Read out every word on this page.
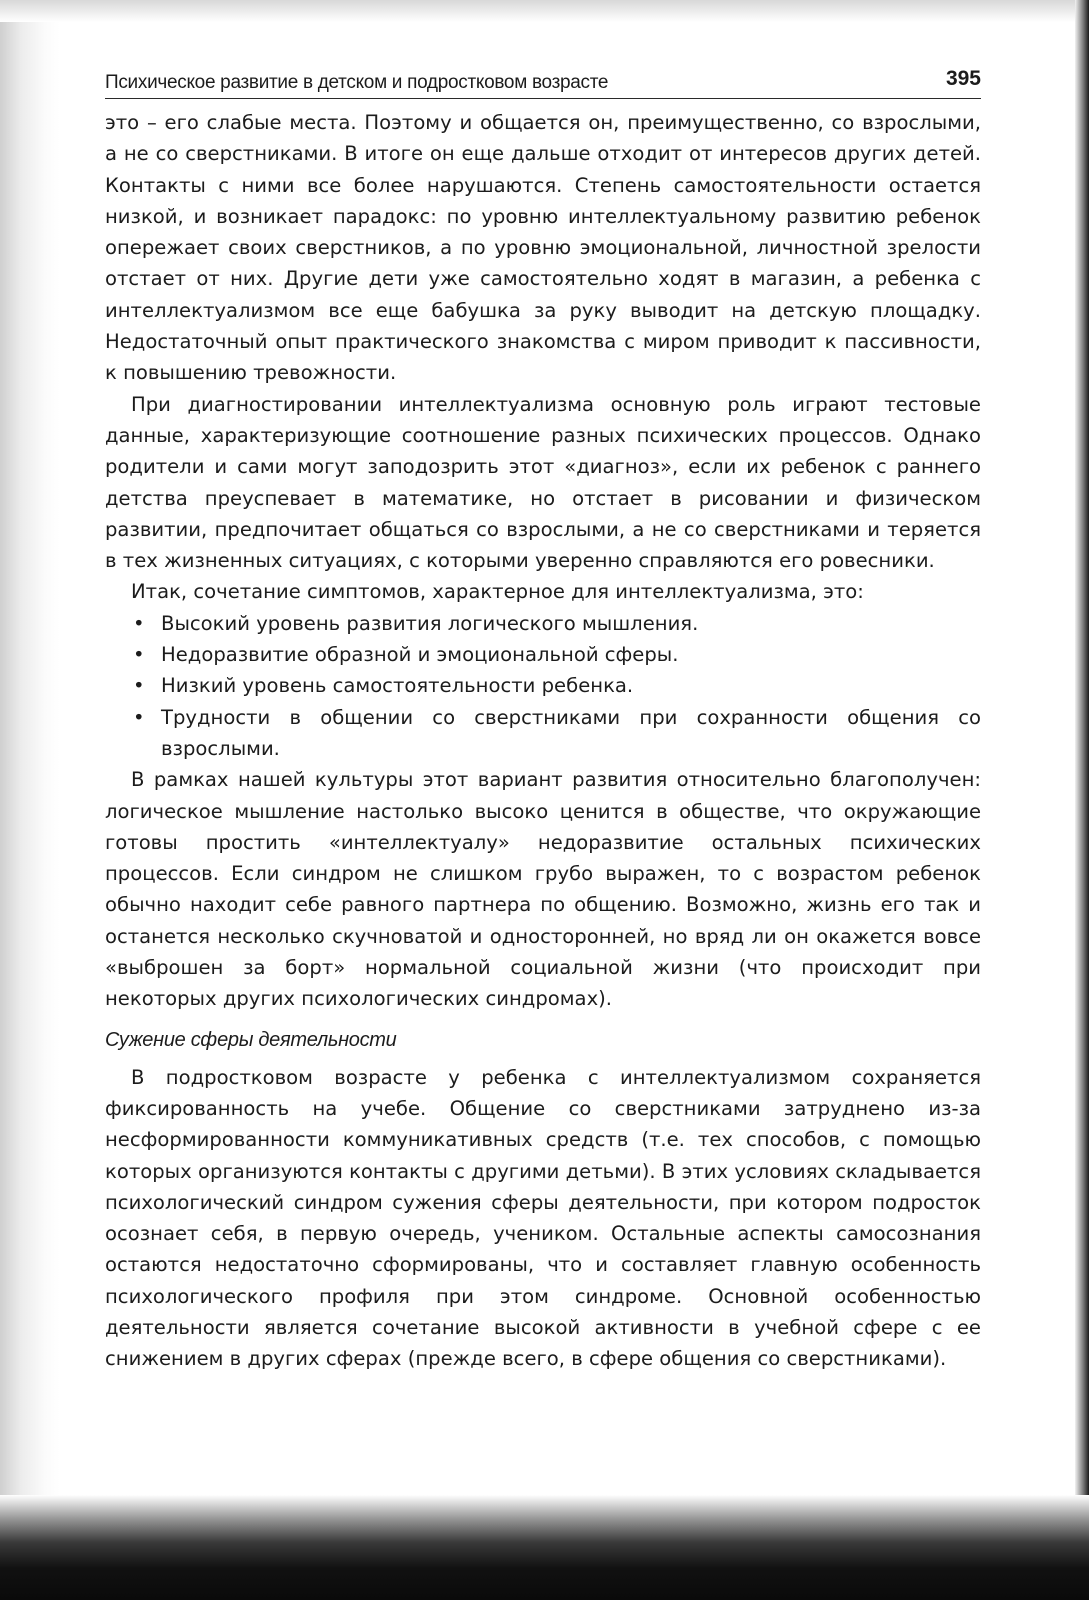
Психическое развитие в детском и подростковом возрасте	395

это – его слабые места. Поэтому и общается он, преимущественно, со взрослыми, а не со сверстниками. В итоге он еще дальше отходит от интересов других детей. Контакты с ними все более нарушаются. Степень самостоятельности остается низкой, и возникает парадокс: по уровню интеллектуальному развитию ребенок опережает своих сверстников, а по уровню эмоциональной, личностной зрелости отстает от них. Другие дети уже самостоятельно ходят в магазин, а ребенка с интеллектуализмом все еще бабушка за руку выводит на детскую площадку. Недостаточный опыт практического знакомства с миром приводит к пассивности, к повышению тревожности.

При диагностировании интеллектуализма основную роль играют тестовые данные, характеризующие соотношение разных психических процессов. Однако родители и сами могут заподозрить этот «диагноз», если их ребенок с раннего детства преуспевает в математике, но отстает в рисовании и физическом развитии, предпочитает общаться со взрослыми, а не со сверстниками и теряется в тех жизненных ситуациях, с которыми уверенно справляются его ровесники.

Итак, сочетание симптомов, характерное для интеллектуализма, это:

• Высокий уровень развития логического мышления.
• Недоразвитие образной и эмоциональной сферы.
• Низкий уровень самостоятельности ребенка.
• Трудности в общении со сверстниками при сохранности общения со взрослыми.

В рамках нашей культуры этот вариант развития относительно благополучен: логическое мышление настолько высоко ценится в обществе, что окружающие готовы простить «интеллектуалу» недоразвитие остальных психических процессов. Если синдром не слишком грубо выражен, то с возрастом ребенок обычно находит себе равного партнера по общению. Возможно, жизнь его так и останется несколько скучноватой и односторонней, но вряд ли он окажется вовсе «выброшен за борт» нормальной социальной жизни (что происходит при некоторых других психологических синдромах).

Сужение сферы деятельности

В подростковом возрасте у ребенка с интеллектуализмом сохраняется фиксированность на учебе. Общение со сверстниками затруднено из-за несформированности коммуникативных средств (т.е. тех способов, с помощью которых организуются контакты с другими детьми). В этих условиях складывается психологический синдром сужения сферы деятельности, при котором подросток осознает себя, в первую очередь, учеником. Остальные аспекты самосознания остаются недостаточно сформированы, что и составляет главную особенность психологического профиля при этом синдроме. Основной особенностью деятельности является сочетание высокой активности в учебной сфере с ее снижением в других сферах (прежде всего, в сфере общения со сверстниками).
